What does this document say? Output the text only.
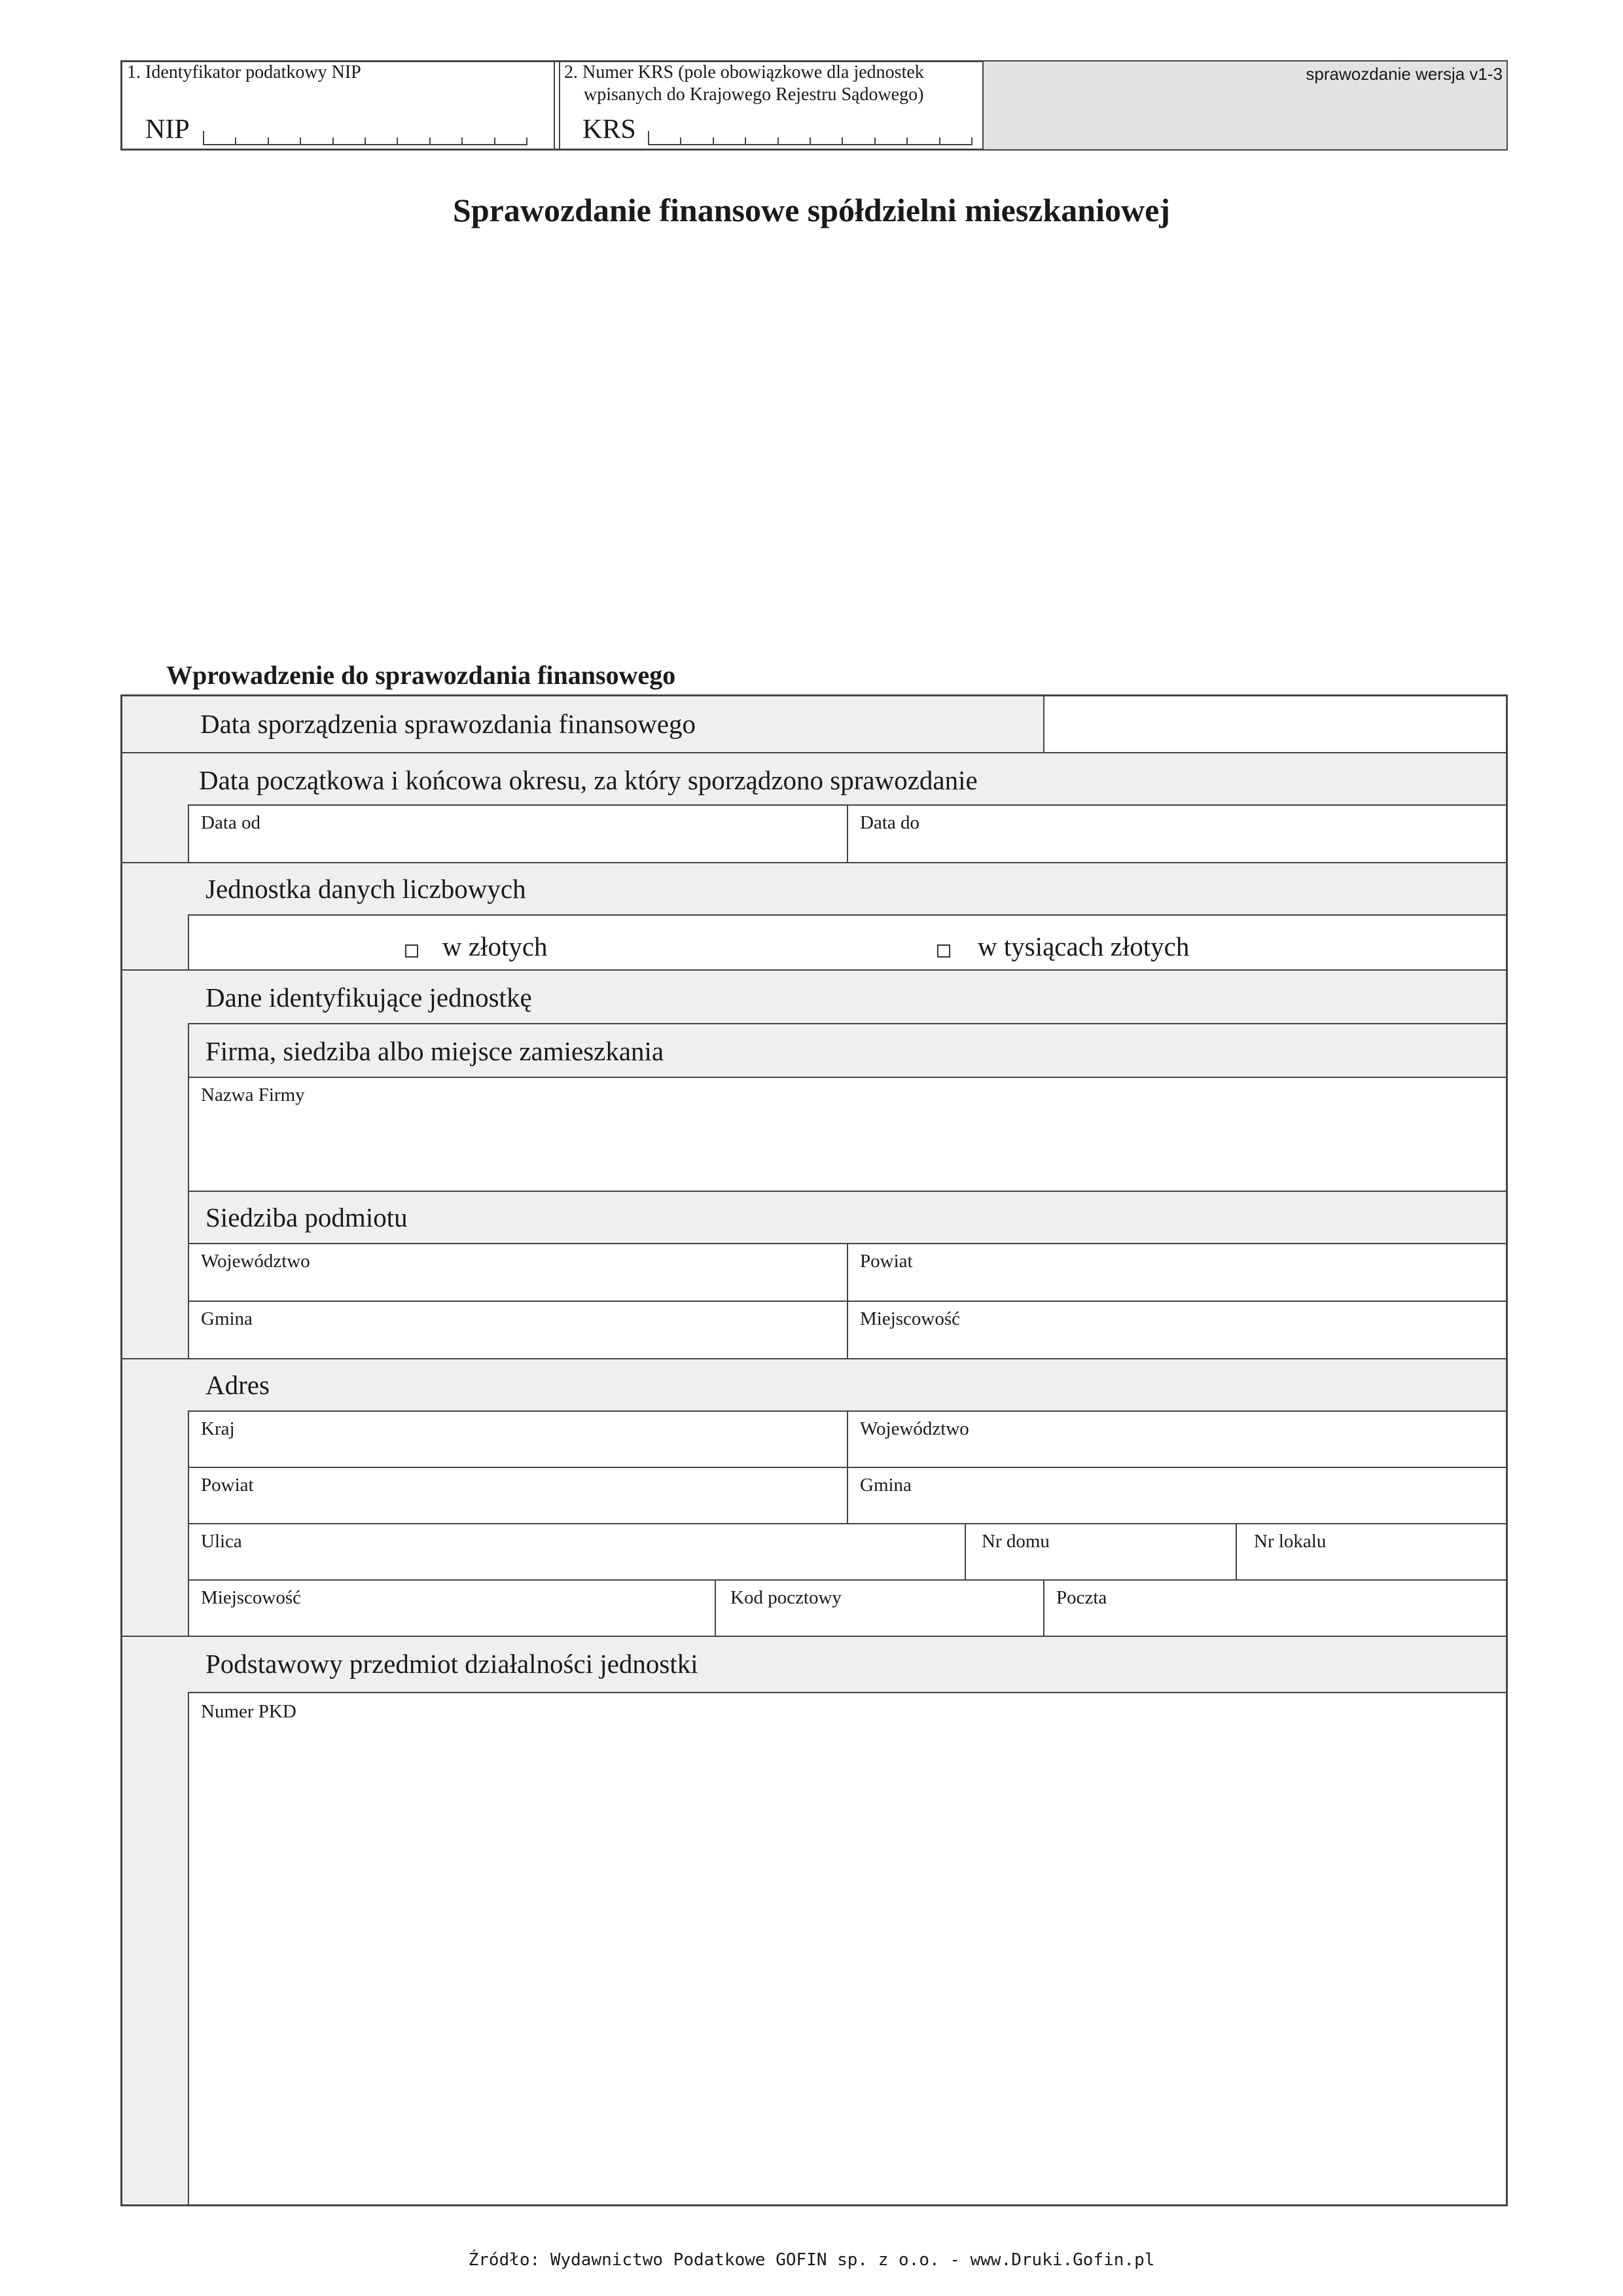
1. Identyfikator podatkowy NIP
NIP
2. Numer KRS (pole obowiązkowe dla jednostek
wpisanych do Krajowego Rejestru Sądowego)
KRS
sprawozdanie wersja v1-3
Sprawozdanie finansowe spółdzielni mieszkaniowej
Wprowadzenie do sprawozdania finansowego
Data sporządzenia sprawozdania finansowego
Data początkowa i końcowa okresu, za który sporządzono sprawozdanie
Data od	Data do
Jednostka danych liczbowych
w złotych	w tysiącach złotych
Dane identyfikujące jednostkę
Firma, siedziba albo miejsce zamieszkania
Nazwa Firmy
Siedziba podmiotu
Województwo	Powiat
Gmina	Miejscowość
Adres
Kraj	Województwo
Powiat	Gmina
Ulica	Nr domu	Nr lokalu
Miejscowość	Kod pocztowy	Poczta
Podstawowy przedmiot działalności jednostki
Numer PKD
Źródło: Wydawnictwo Podatkowe GOFIN sp. z o.o. - www.Druki.Gofin.pl
